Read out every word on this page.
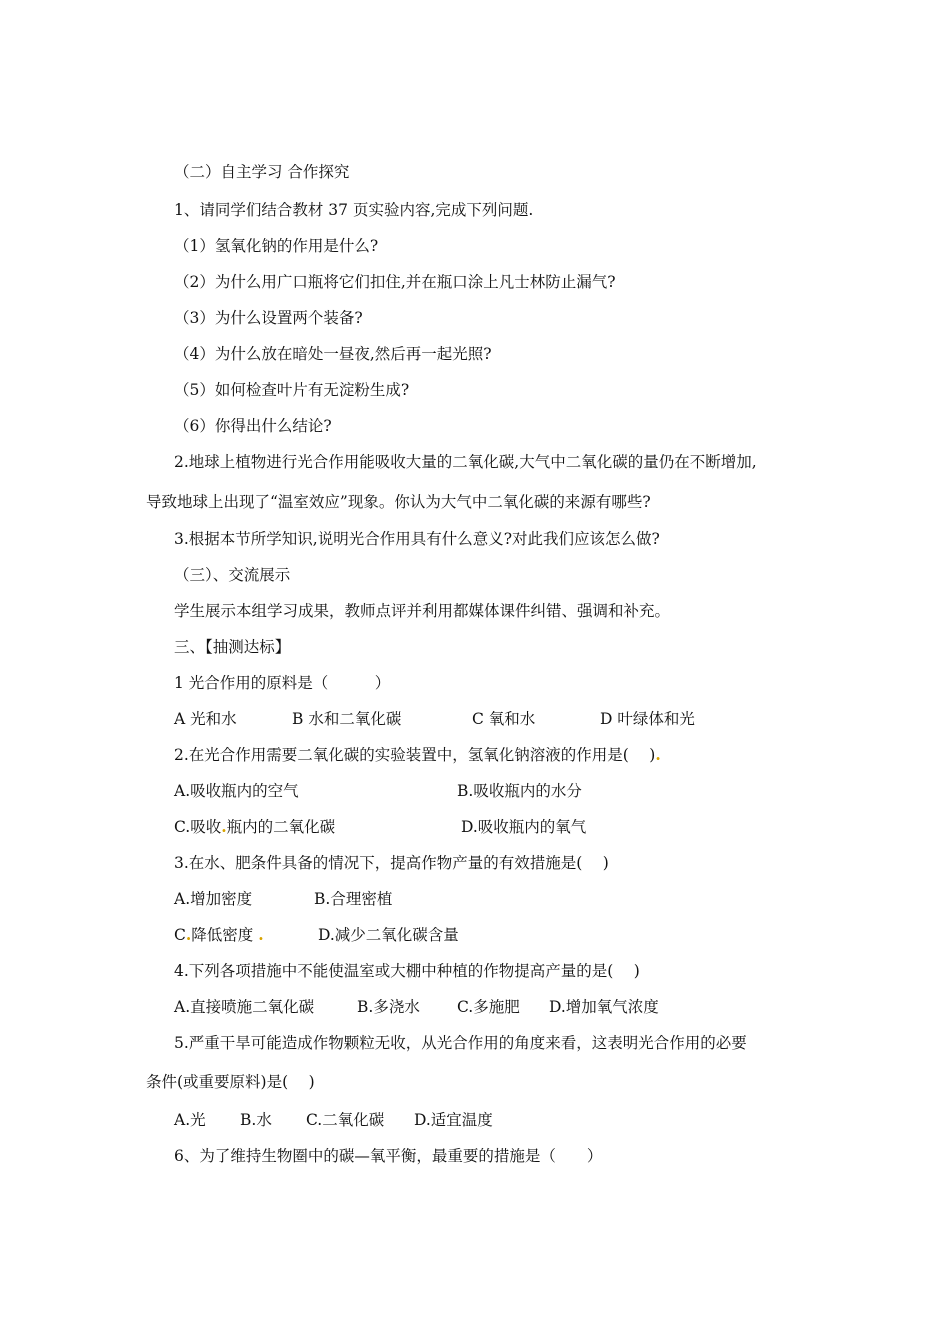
（二）自主学习 合作探究
1、请同学们结合教材 37 页实验内容,完成下列问题.
（1）氢氧化钠的作用是什么?
（2）为什么用广口瓶将它们扣住,并在瓶口涂上凡士林防止漏气?
（3）为什么设置两个装备?
（4）为什么放在暗处一昼夜,然后再一起光照?
（5）如何检查叶片有无淀粉生成?
（6）你得出什么结论?
2.地球上植物进行光合作用能吸收大量的二氧化碳,大气中二氧化碳的量仍在不断增加,
导致地球上出现了“温室效应”现象。你认为大气中二氧化碳的来源有哪些?
3.根据本节所学知识,说明光合作用具有什么意义?对此我们应该怎么做?
（三）、交流展示
学生展示本组学习成果，教师点评并利用都媒体课件纠错、强调和补充。
三、【抽测达标】
1 光合作用的原料是（　　　）
A 光和水	B 水和二氧化碳	C 氧和水	D 叶绿体和光
2.在光合作用需要二氧化碳的实验装置中，氢氧化钠溶液的作用是(　 ).
A.吸收瓶内的空气	B.吸收瓶内的水分
C.吸收.瓶内的二氧化碳	D.吸收瓶内的氧气
3.在水、肥条件具备的情况下，提高作物产量的有效措施是(　 )
A.增加密度	B.合理密植
C.降低密度 .	D.减少二氧化碳含量
4.下列各项措施中不能使温室或大棚中种植的作物提高产量的是(　 )
A.直接喷施二氧化碳	B.多浇水 C.多施肥 D.增加氧气浓度
5.严重干旱可能造成作物颗粒无收，从光合作用的角度来看，这表明光合作用的必要
条件(或重要原料)是(　 )
A.光 B.水 C.二氧化碳 D.适宜温度
6、为了维持生物圈中的碳—氧平衡，最重要的措施是（　　）
